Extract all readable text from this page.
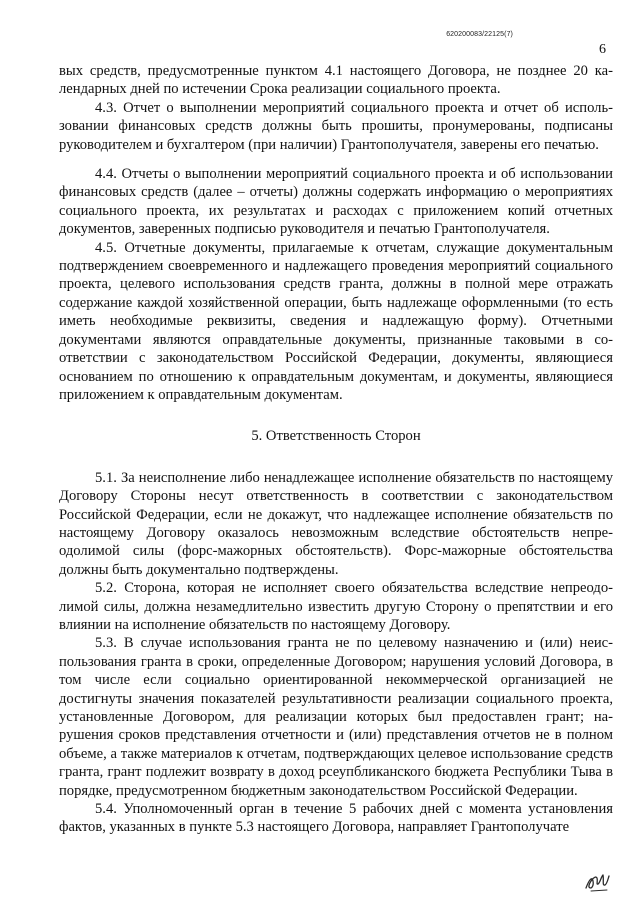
620200083/22125(7)
6

вых средств, предусмотренные пунктом 4.1 настоящего Договора, не позднее 20 календарных дней по истечении Срока реализации социального проекта.

4.3. Отчет о выполнении мероприятий социального проекта и отчет об использовании финансовых средств должны быть прошиты, пронумерованы, подписаны руководителем и бухгалтером (при наличии) Грантополучателя, заверены его печатью.

4.4. Отчеты о выполнении мероприятий социального проекта и об использовании финансовых средств (далее – отчеты) должны содержать информацию о мероприятиях социального проекта, их результатах и расходах с приложением копий отчетных документов, заверенных подписью руководителя и печатью Грантополучателя.

4.5. Отчетные документы, прилагаемые к отчетам, служащие документальным подтверждением своевременного и надлежащего проведения мероприятий социального проекта, целевого использования средств гранта, должны в полной мере отражать содержание каждой хозяйственной операции, быть надлежаще оформленными (то есть иметь необходимые реквизиты, сведения и надлежащую форму). Отчетными документами являются оправдательные документы, признанные таковыми в соответствии с законодательством Российской Федерации, документы, являющиеся основанием по отношению к оправдательным документам, и документы, являющиеся приложением к оправдательным документам.

5. Ответственность Сторон

5.1. За неисполнение либо ненадлежащее исполнение обязательств по настоящему Договору Стороны несут ответственность в соответствии с законодательством Российской Федерации, если не докажут, что надлежащее исполнение обязательств по настоящему Договору оказалось невозможным вследствие обстоятельств непреодолимой силы (форс-мажорных обстоятельств). Форс-мажорные обстоятельства должны быть документально подтверждены.

5.2. Сторона, которая не исполняет своего обязательства вследствие непреодолимой силы, должна незамедлительно известить другую Сторону о препятствии и его влиянии на исполнение обязательств по настоящему Договору.

5.3. В случае использования гранта не по целевому назначению и (или) неиспользования гранта в сроки, определенные Договором; нарушения условий Договора, в том числе если социально ориентированной некоммерческой организацией не достигнуты значения показателей результативности реализации социального проекта, установленные Договором, для реализации которых был предоставлен грант; нарушения сроков представления отчетности и (или) представления отчетов не в полном объеме, а также материалов к отчетам, подтверждающих целевое использование средств гранта, грант подлежит возврату в доход рсеупбликанского бюджета Республики Тыва в порядке, предусмотренном бюджетным законодательством Российской Федерации.

5.4. Уполномоченный орган в течение 5 рабочих дней с момента установления фактов, указанных в пункте 5.3 настоящего Договора, направляет Грантополучате
